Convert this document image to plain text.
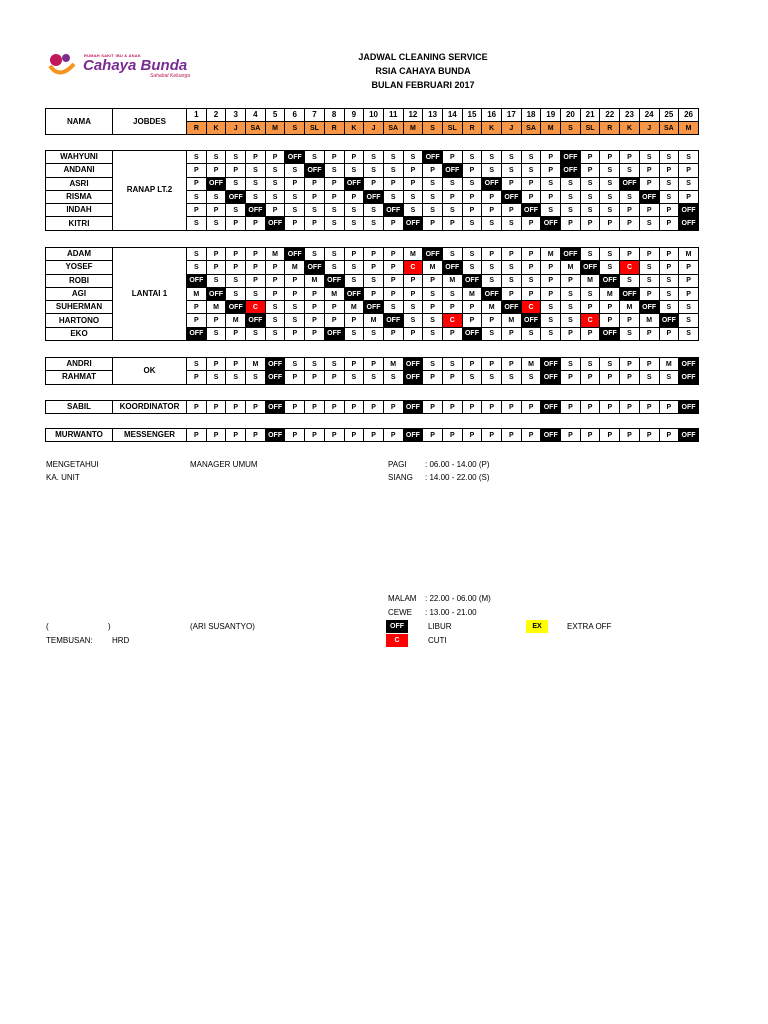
RUMAH SAKIT IBU & ANAK
Cahaya Bunda
Sahabat Keluarga
JADWAL CLEANING SERVICE
RSIA CAHAYA BUNDA
BULAN FEBRUARI 2017
NAMA	JOBDES	1	2	3	4	5	6	7	8	9	10	11	12	13	14	15	16	17	18	19	20	21	22	23	24	25	26
		R	K	J	SA	M	S	SL	R	K	J	SA	M	S	SL	R	K	J	SA	M	S	SL	R	K	J	SA	M
WAHYUNI	RANAP LT.2	S	S	S	P	P	OFF	S	P	P	S	S	S	OFF	P	S	S	S	S	P	OFF	P	P	P	S	S	S
ANDANI		P	P	P	S	S	S	OFF	S	S	S	S	P	P	OFF	P	S	S	S	P	OFF	P	S	S	P	P	P
ASRI		P	OFF	S	S	S	P	P	P	OFF	P	P	P	S	S	S	OFF	P	P	S	S	S	S	OFF	P	S	S
RISMA		S	S	OFF	S	S	S	P	P	P	OFF	S	S	S	P	P	P	OFF	P	P	S	S	S	S	OFF	S	P
INDAH		P	P	S	OFF	P	S	S	S	S	S	OFF	S	S	S	P	P	P	OFF	S	S	S	S	P	P	P	OFF
KITRI		S	S	P	P	OFF	P	P	S	S	S	P	OFF	P	P	S	S	S	P	OFF	P	P	P	P	S	P	OFF
ADAM	LANTAI 1	S	P	P	P	M	OFF	S	S	P	P	P	M	OFF	S	S	P	P	P	M	OFF	S	S	P	P	P	M
YOSEF		S	P	P	P	P	M	OFF	S	S	P	P	C	M	OFF	S	S	S	P	P	M	OFF	S	C	S	P	P
ROBI		OFF	S	S	P	P	P	M	OFF	S	S	P	P	P	M	OFF	S	S	S	P	P	M	OFF	S	S	S	P
AGI		M	OFF	S	S	P	P	P	M	OFF	P	P	P	S	S	M	OFF	P	P	P	S	S	M	OFF	P	S	P
SUHERMAN		P	M	OFF	C	S	S	P	P	M	OFF	S	S	P	P	P	M	OFF	C	S	S	P	P	M	OFF	S	S
HARTONO		P	P	M	OFF	S	S	P	P	P	M	OFF	S	S	C	P	P	M	OFF	S	S	C	P	P	M	OFF	S
EKO		OFF	S	P	S	S	P	P	OFF	S	S	P	P	S	P	OFF	S	P	S	S	P	P	OFF	S	P	P	S
ANDRI	OK	S	P	P	M	OFF	S	S	S	P	P	M	OFF	S	S	P	P	P	M	OFF	S	S	S	P	P	M	OFF
RAHMAT		P	S	S	S	OFF	P	P	P	S	S	S	OFF	P	P	S	S	S	S	OFF	P	P	P	P	S	S	OFF
SABIL	KOORDINATOR	P	P	P	P	OFF	P	P	P	P	P	P	OFF	P	P	P	P	P	P	OFF	P	P	P	P	P	P	OFF
MURWANTO	MESSENGER	P	P	P	P	OFF	P	P	P	P	P	P	OFF	P	P	P	P	P	P	OFF	P	P	P	P	P	P	OFF
MENGETAHUI
KA. UNIT
MANAGER UMUM	PAGI : 06.00 - 14.00 (P)
SIANG : 14.00 - 22.00 (S)
MALAM : 22.00 - 06.00 (M)
CEWE : 13.00 - 21.00
(	)	(ARI SUSANTYO)	OFF	LIBUR	EX	EXTRA OFF
TEMBUSAN: HRD	C	CUTI
